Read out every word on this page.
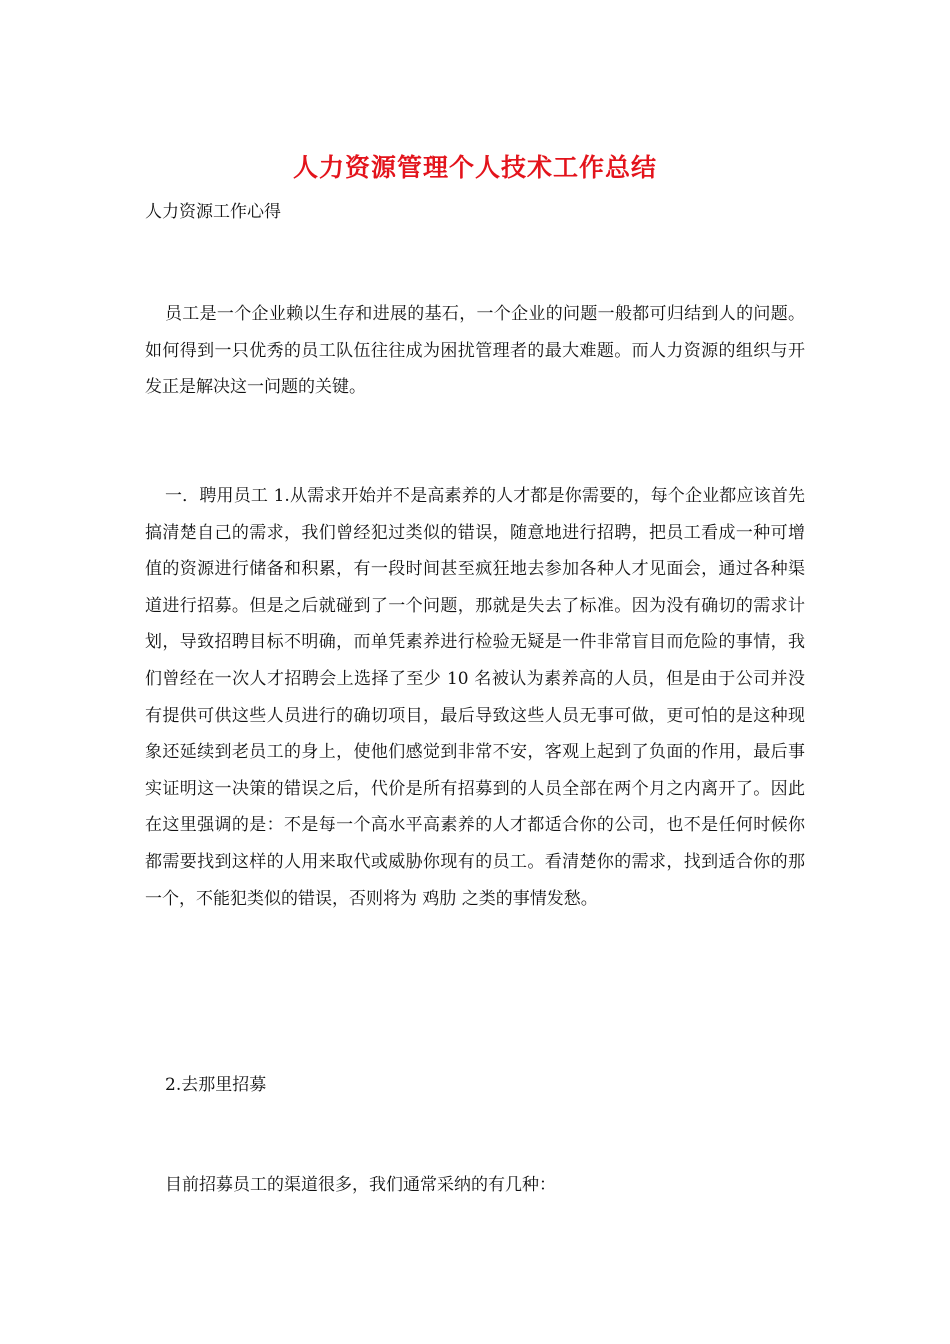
人力资源管理个人技术工作总结
人力资源工作心得
员工是一个企业赖以生存和进展的基石，一个企业的问题一般都可归结到人的问题。如何得到一只优秀的员工队伍往往成为困扰管理者的最大难题。而人力资源的组织与开发正是解决这一问题的关键。
一．聘用员工 1.从需求开始并不是高素养的人才都是你需要的，每个企业都应该首先搞清楚自己的需求，我们曾经犯过类似的错误，随意地进行招聘，把员工看成一种可增值的资源进行储备和积累，有一段时间甚至疯狂地去参加各种人才见面会，通过各种渠道进行招募。但是之后就碰到了一个问题，那就是失去了标准。因为没有确切的需求计划，导致招聘目标不明确，而单凭素养进行检验无疑是一件非常盲目而危险的事情，我们曾经在一次人才招聘会上选择了至少 10 名被认为素养高的人员，但是由于公司并没有提供可供这些人员进行的确切项目，最后导致这些人员无事可做，更可怕的是这种现象还延续到老员工的身上，使他们感觉到非常不安，客观上起到了负面的作用，最后事实证明这一决策的错误之后，代价是所有招募到的人员全部在两个月之内离开了。因此在这里强调的是：不是每一个高水平高素养的人才都适合你的公司，也不是任何时候你都需要找到这样的人用来取代或威胁你现有的员工。看清楚你的需求，找到适合你的那一个，不能犯类似的错误，否则将为 鸡肋 之类的事情发愁。
2.去那里招募
目前招募员工的渠道很多，我们通常采纳的有几种：
